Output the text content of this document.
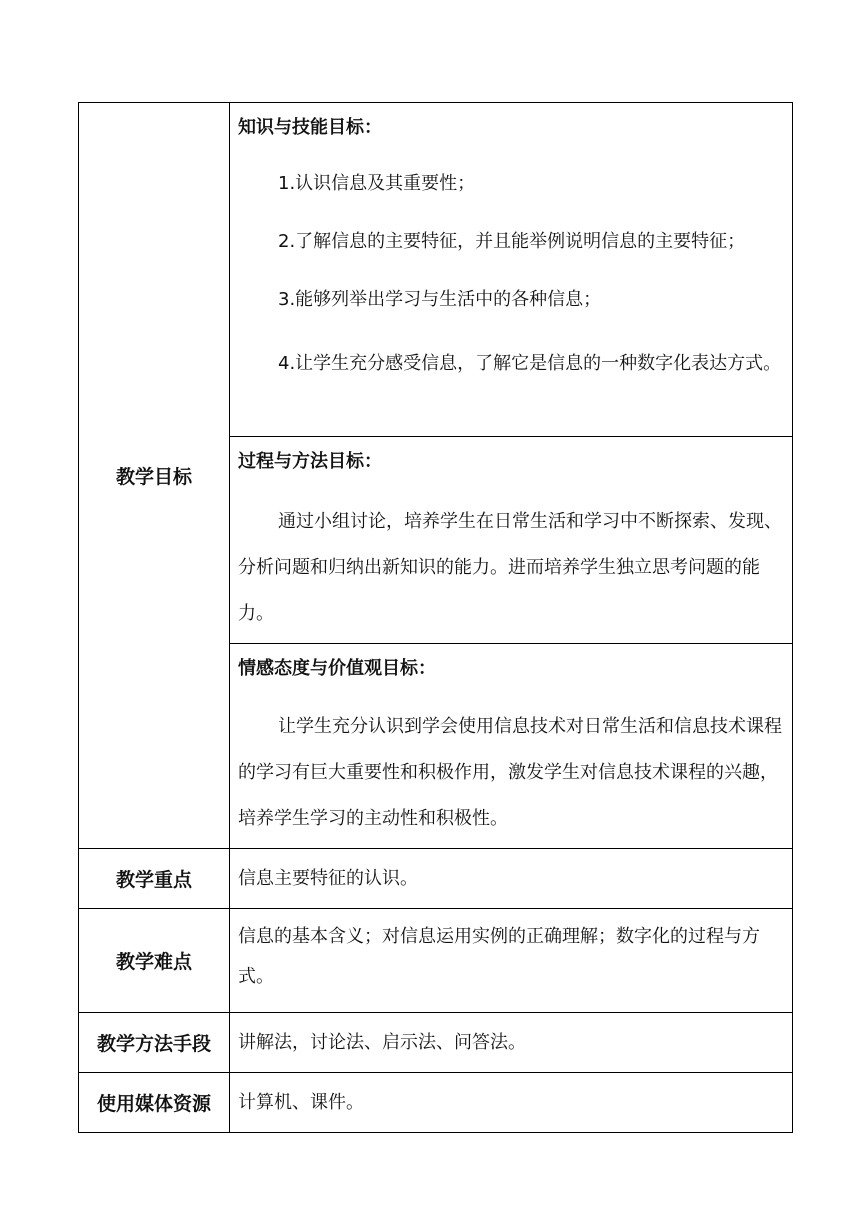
教学目标	知识与技能目标：
1.认识信息及其重要性；
2.了解信息的主要特征，并且能举例说明信息的主要特征；
3.能够列举出学习与生活中的各种信息；
4.让学生充分感受信息，了解它是信息的一种数字化表达方式。

	过程与方法目标：
通过小组讨论，培养学生在日常生活和学习中不断探索、发现、分析问题和归纳出新知识的能力。进而培养学生独立思考问题的能力。

	情感态度与价值观目标：
让学生充分认识到学会使用信息技术对日常生活和信息技术课程的学习有巨大重要性和积极作用，激发学生对信息技术课程的兴趣，培养学生学习的主动性和积极性。

教学重点	信息主要特征的认识。

教学难点	信息的基本含义；对信息运用实例的正确理解；数字化的过程与方式。

教学方法手段	讲解法，讨论法、启示法、问答法。

使用媒体资源	计算机、课件。
